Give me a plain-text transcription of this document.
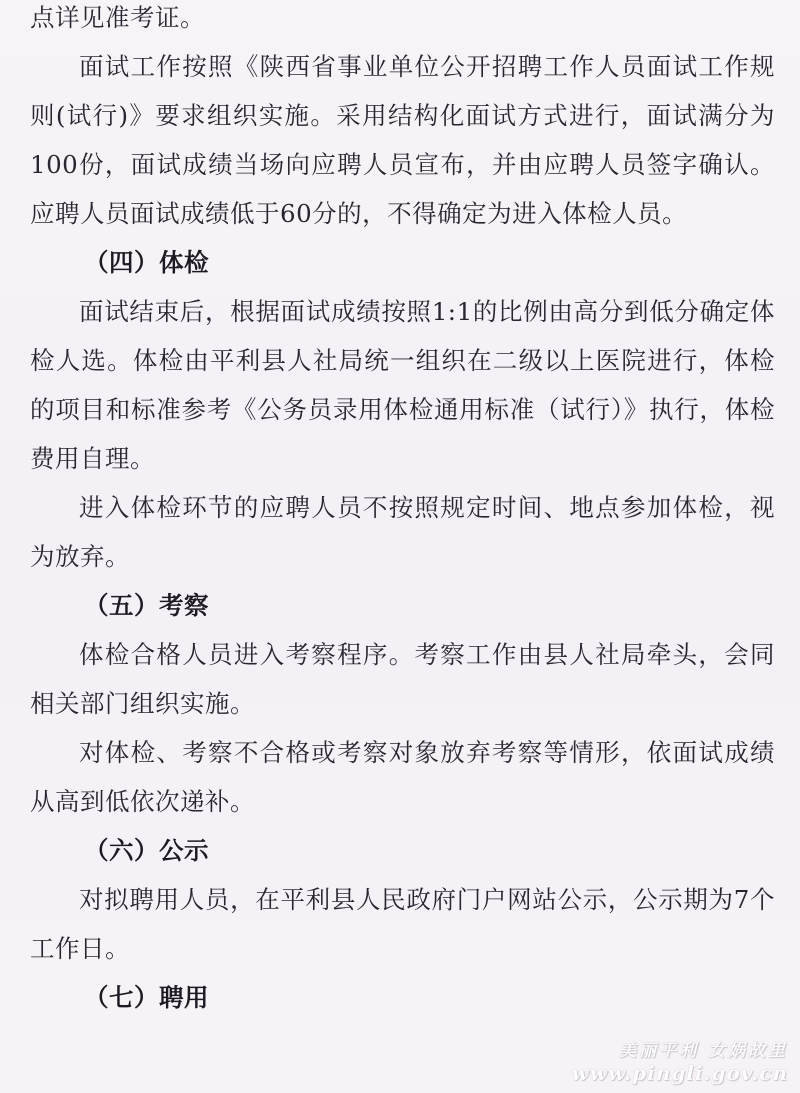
点详见准考证。

面试工作按照《陕西省事业单位公开招聘工作人员面试工作规则(试行)》要求组织实施。采用结构化面试方式进行，面试满分为100份，面试成绩当场向应聘人员宣布，并由应聘人员签字确认。应聘人员面试成绩低于60分的，不得确定为进入体检人员。

（四）体检

面试结束后，根据面试成绩按照1:1的比例由高分到低分确定体检人选。体检由平利县人社局统一组织在二级以上医院进行，体检的项目和标准参考《公务员录用体检通用标准（试行）》执行，体检费用自理。

进入体检环节的应聘人员不按照规定时间、地点参加体检，视为放弃。

（五）考察

体检合格人员进入考察程序。考察工作由县人社局牵头，会同相关部门组织实施。

对体检、考察不合格或考察对象放弃考察等情形，依面试成绩从高到低依次递补。

（六）公示

对拟聘用人员，在平利县人民政府门户网站公示，公示期为7个工作日。

（七）聘用

美丽平利 女娲故里
www.pingli.gov.cn
